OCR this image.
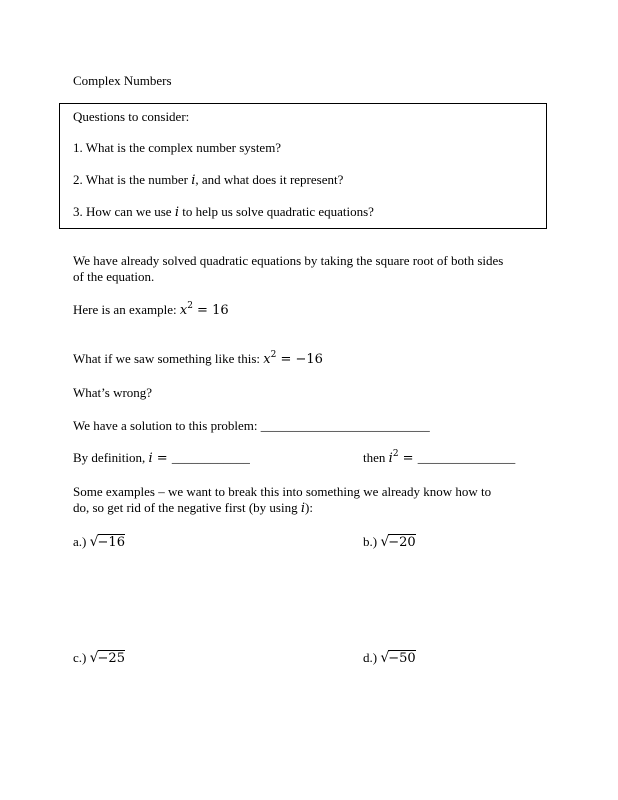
Complex Numbers
Questions to consider:
1. What is the complex number system?
2. What is the number i, and what does it represent?
3. How can we use i to help us solve quadratic equations?
We have already solved quadratic equations by taking the square root of both sides
of the equation.
Here is an example: $x^2 = 16$
What if we saw something like this: $x^2 = -16$
What’s wrong?
We have a solution to this problem: __________________________
By definition, i = ____________	then $i^2$ = _______________
Some examples – we want to break this into something we already know how to
do, so get rid of the negative first (by using i):
a.) √−16	b.) √−20
c.) √−25	d.) √−50
